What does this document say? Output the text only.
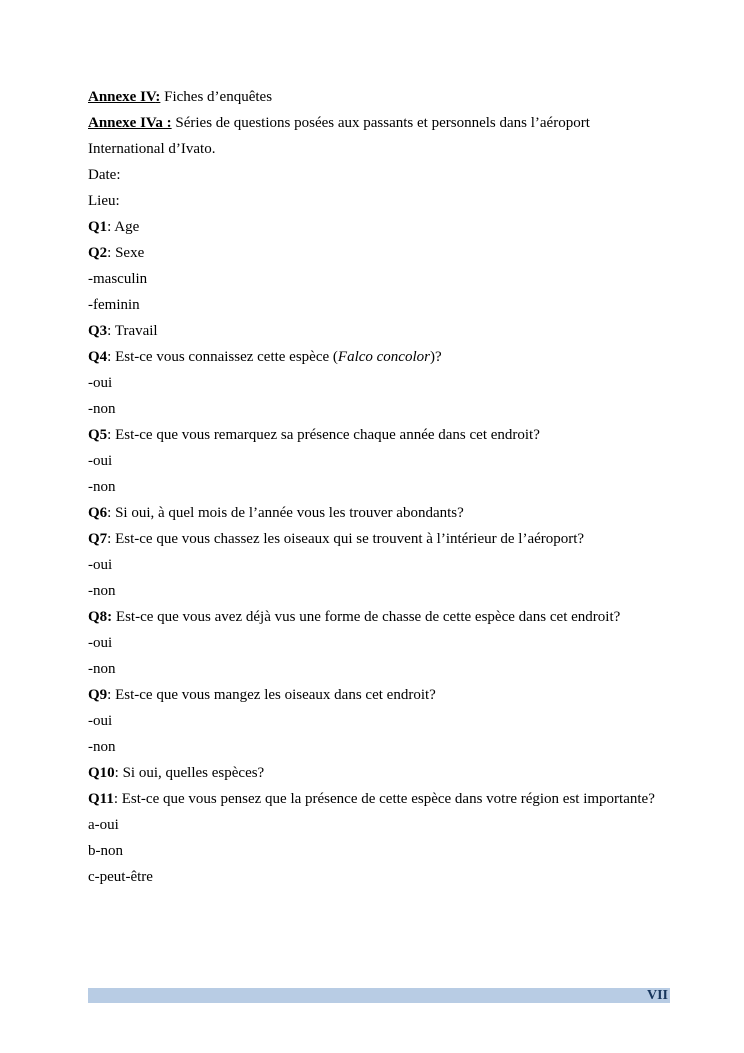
Annexe IV: Fiches d’enquêtes
Annexe IVa : Séries de questions posées aux passants et personnels dans l’aéroport
International d’Ivato.
Date:
Lieu:
Q1: Age
Q2: Sexe
-masculin
-feminin
Q3: Travail
Q4: Est-ce vous connaissez cette espèce (Falco concolor)?
-oui
-non
Q5: Est-ce que vous remarquez sa présence chaque année dans cet endroit?
-oui
-non
Q6: Si oui, à quel mois de l’année vous les trouver abondants?
Q7: Est-ce que vous chassez les oiseaux qui se trouvent à l’intérieur de l’aéroport?
-oui
-non
Q8: Est-ce que vous avez déjà vus une forme de chasse de cette espèce dans cet endroit?
-oui
-non
Q9: Est-ce que vous mangez les oiseaux dans cet endroit?
-oui
-non
Q10: Si oui, quelles espèces?
Q11: Est-ce que vous pensez que la présence de cette espèce dans votre région est importante?
a-oui
b-non
c-peut-être
VII
